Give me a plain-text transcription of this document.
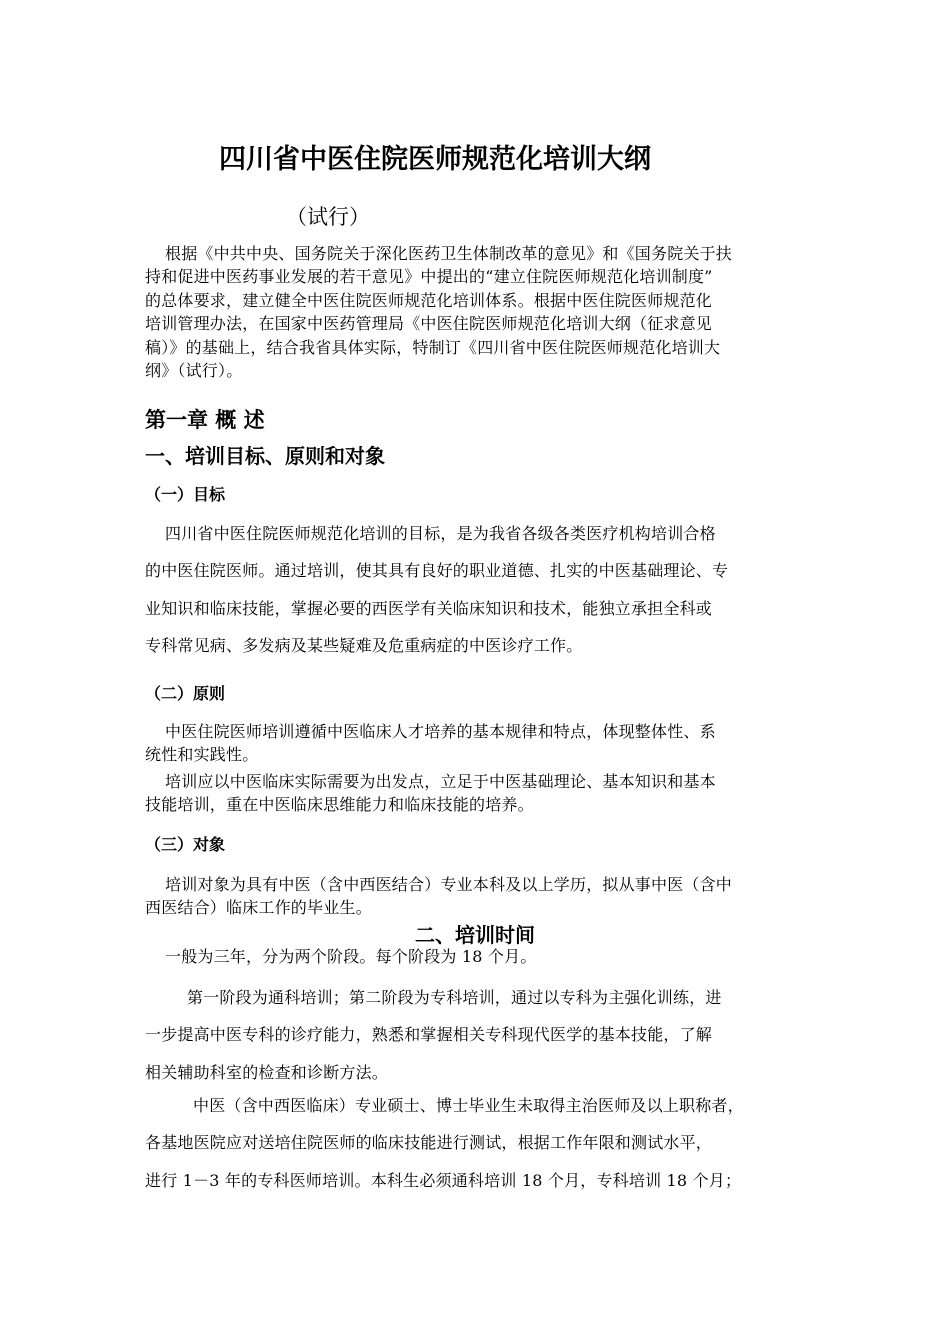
四川省中医住院医师规范化培训大纲
（试行）
根据《中共中央、国务院关于深化医药卫生体制改革的意见》和《国务院关于扶
持和促进中医药事业发展的若干意见》中提出的“建立住院医师规范化培训制度”
的总体要求，建立健全中医住院医师规范化培训体系。根据中医住院医师规范化
培训管理办法，在国家中医药管理局《中医住院医师规范化培训大纲（征求意见
稿）》的基础上，结合我省具体实际，特制订《四川省中医住院医师规范化培训大
纲》（试行）。
第一章 概 述
一、培训目标、原则和对象
（一）目标
四川省中医住院医师规范化培训的目标，是为我省各级各类医疗机构培训合格
的中医住院医师。通过培训，使其具有良好的职业道德、扎实的中医基础理论、专
业知识和临床技能，掌握必要的西医学有关临床知识和技术，能独立承担全科或
专科常见病、多发病及某些疑难及危重病症的中医诊疗工作。
（二）原则
中医住院医师培训遵循中医临床人才培养的基本规律和特点，体现整体性、系
统性和实践性。
培训应以中医临床实际需要为出发点，立足于中医基础理论、基本知识和基本
技能培训，重在中医临床思维能力和临床技能的培养。
（三）对象
培训对象为具有中医（含中西医结合）专业本科及以上学历，拟从事中医（含中
西医结合）临床工作的毕业生。
二、培训时间
一般为三年，分为两个阶段。每个阶段为 18 个月。
第一阶段为通科培训；第二阶段为专科培训，通过以专科为主强化训练，进
一步提高中医专科的诊疗能力，熟悉和掌握相关专科现代医学的基本技能，了解
相关辅助科室的检查和诊断方法。
中医（含中西医临床）专业硕士、博士毕业生未取得主治医师及以上职称者，
各基地医院应对送培住院医师的临床技能进行测试，根据工作年限和测试水平，
进行 1－3 年的专科医师培训。本科生必须通科培训 18 个月，专科培训 18 个月；
